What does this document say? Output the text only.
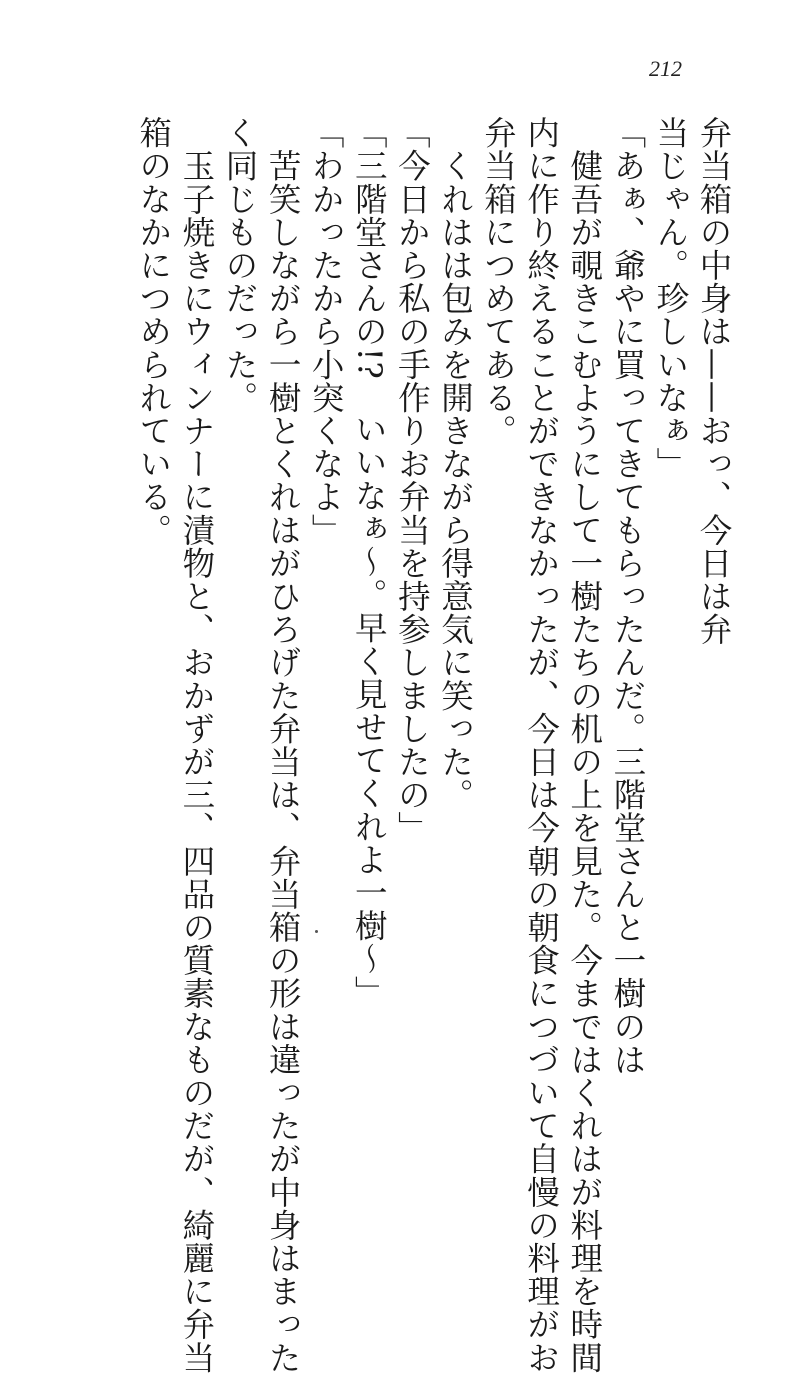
212

弁当箱の中身は——おっ、今日は弁

当じゃん。珍しいなぁ」

「あぁ、爺やに買ってきてもらったんだ。三階堂さんと一樹のは

　健吾が覗きこむようにして一樹たちの机の上を見た。今まではくれはが料理を時間

内に作り終えることができなかったが、今日は今朝の朝食につづいて自慢の料理がお

弁当箱につめてある。

　くれはは包みを開きながら得意気に笑った。

「今日から私の手作りお弁当を持参しましたの」

「三階堂さんの!?　いいなぁ～。早く見せてくれよ一樹～」

「わかったから小突くなよ」

　苦笑しながら一樹とくれはがひろげた弁当は、弁当箱の形は違ったが中身はまった

く同じものだった。

　玉子焼きにウィンナーに漬物と、おかずが三、四品の質素なものだが、綺麗に弁当

箱のなかにつめられている。
